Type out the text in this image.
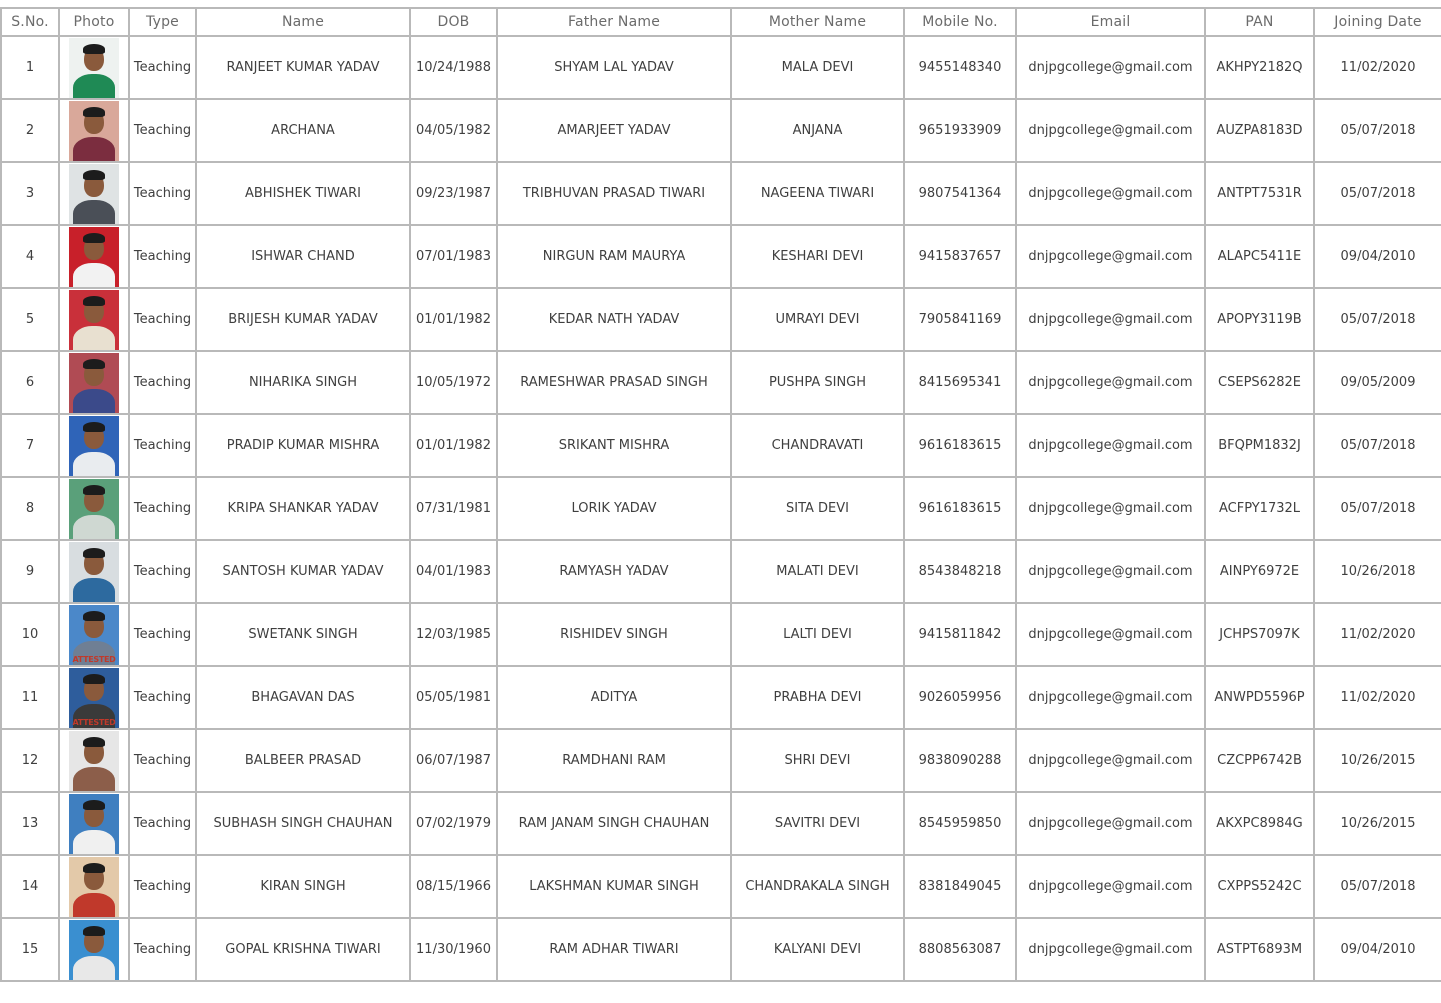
S.No.	Photo	Type	Name	DOB	Father Name	Mother Name	Mobile No.	Email	PAN	Joining Date
1		Teaching	RANJEET KUMAR YADAV	10/24/1988	SHYAM LAL YADAV	MALA DEVI	9455148340	dnjpgcollege@gmail.com	AKHPY2182Q	11/02/2020
2		Teaching	ARCHANA	04/05/1982	AMARJEET YADAV	ANJANA	9651933909	dnjpgcollege@gmail.com	AUZPA8183D	05/07/2018
3		Teaching	ABHISHEK TIWARI	09/23/1987	TRIBHUVAN PRASAD TIWARI	NAGEENA TIWARI	9807541364	dnjpgcollege@gmail.com	ANTPT7531R	05/07/2018
4		Teaching	ISHWAR CHAND	07/01/1983	NIRGUN RAM MAURYA	KESHARI DEVI	9415837657	dnjpgcollege@gmail.com	ALAPC5411E	09/04/2010
5		Teaching	BRIJESH KUMAR YADAV	01/01/1982	KEDAR NATH YADAV	UMRAYI DEVI	7905841169	dnjpgcollege@gmail.com	APOPY3119B	05/07/2018
6		Teaching	NIHARIKA SINGH	10/05/1972	RAMESHWAR PRASAD SINGH	PUSHPA SINGH	8415695341	dnjpgcollege@gmail.com	CSEPS6282E	09/05/2009
7		Teaching	PRADIP KUMAR MISHRA	01/01/1982	SRIKANT MISHRA	CHANDRAVATI	9616183615	dnjpgcollege@gmail.com	BFQPM1832J	05/07/2018
8		Teaching	KRIPA SHANKAR YADAV	07/31/1981	LORIK YADAV	SITA DEVI	9616183615	dnjpgcollege@gmail.com	ACFPY1732L	05/07/2018
9		Teaching	SANTOSH KUMAR YADAV	04/01/1983	RAMYASH YADAV	MALATI DEVI	8543848218	dnjpgcollege@gmail.com	AINPY6972E	10/26/2018
10	ATTESTED	Teaching	SWETANK SINGH	12/03/1985	RISHIDEV SINGH	LALTI DEVI	9415811842	dnjpgcollege@gmail.com	JCHPS7097K	11/02/2020
11	ATTESTED	Teaching	BHAGAVAN DAS	05/05/1981	ADITYA	PRABHA DEVI	9026059956	dnjpgcollege@gmail.com	ANWPD5596P	11/02/2020
12		Teaching	BALBEER PRASAD	06/07/1987	RAMDHANI RAM	SHRI DEVI	9838090288	dnjpgcollege@gmail.com	CZCPP6742B	10/26/2015
13		Teaching	SUBHASH SINGH CHAUHAN	07/02/1979	RAM JANAM SINGH CHAUHAN	SAVITRI DEVI	8545959850	dnjpgcollege@gmail.com	AKXPC8984G	10/26/2015
14		Teaching	KIRAN SINGH	08/15/1966	LAKSHMAN KUMAR SINGH	CHANDRAKALA SINGH	8381849045	dnjpgcollege@gmail.com	CXPPS5242C	05/07/2018
15		Teaching	GOPAL KRISHNA TIWARI	11/30/1960	RAM ADHAR TIWARI	KALYANI DEVI	8808563087	dnjpgcollege@gmail.com	ASTPT6893M	09/04/2010
